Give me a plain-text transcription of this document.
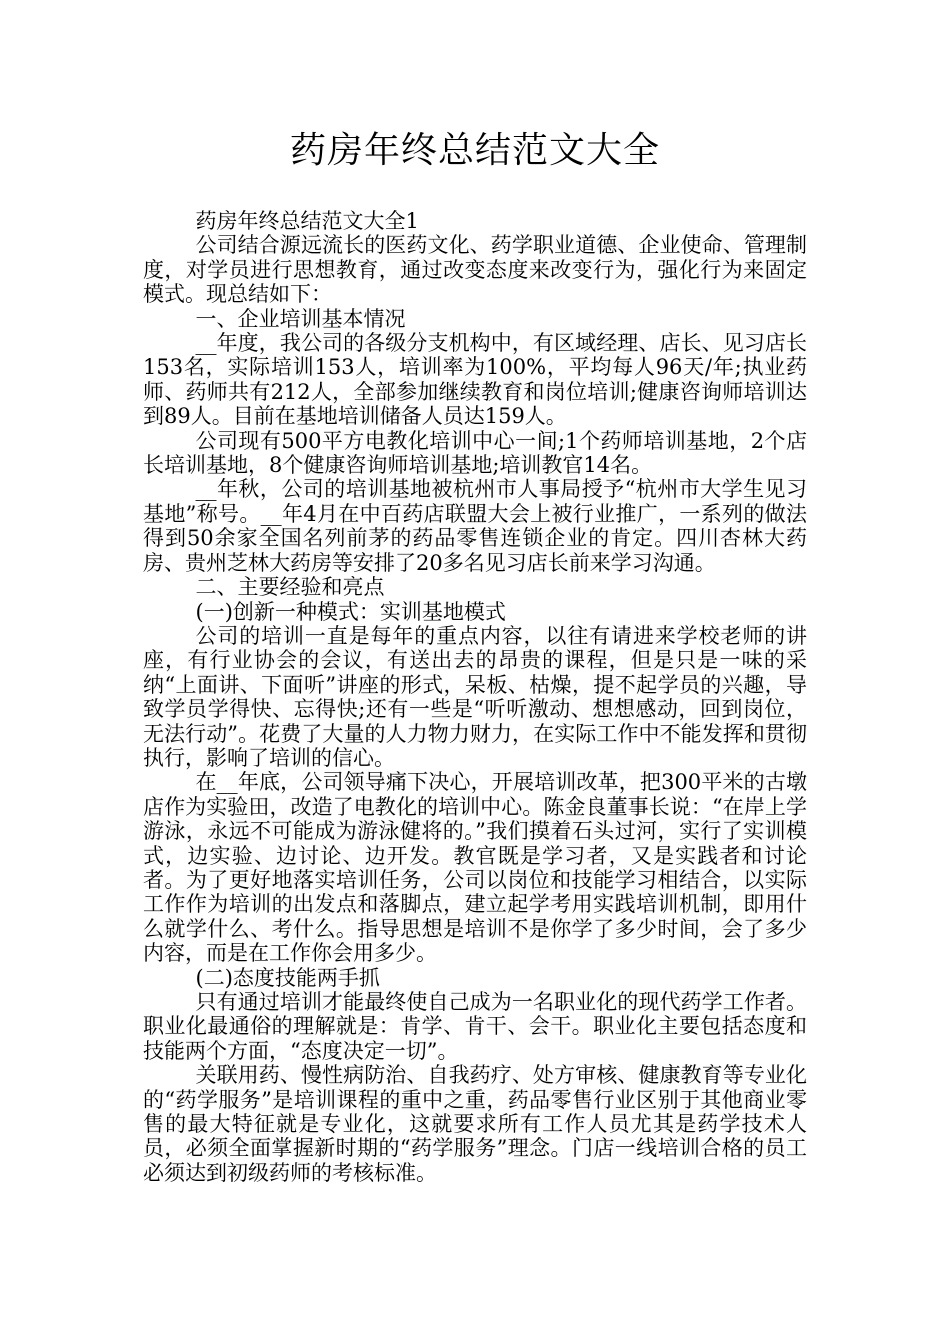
药房年终总结范文大全

药房年终总结范文大全1

公司结合源远流长的医药文化、药学职业道德、企业使命、管理制度，对学员进行思想教育，通过改变态度来改变行为，强化行为来固定模式。现总结如下：

一、企业培训基本情况

__年度，我公司的各级分支机构中，有区域经理、店长、见习店长153名，实际培训153人，培训率为100%，平均每人96天/年;执业药师、药师共有212人，全部参加继续教育和岗位培训;健康咨询师培训达到89人。目前在基地培训储备人员达159人。

公司现有500平方电教化培训中心一间;1个药师培训基地，2个店长培训基地，8个健康咨询师培训基地;培训教官14名。

__年秋，公司的培训基地被杭州市人事局授予“杭州市大学生见习基地”称号。__年4月在中百药店联盟大会上被行业推广，一系列的做法得到50余家全国名列前茅的药品零售连锁企业的肯定。四川杏林大药房、贵州芝林大药房等安排了20多名见习店长前来学习沟通。

二、主要经验和亮点

(一)创新一种模式：实训基地模式

公司的培训一直是每年的重点内容，以往有请进来学校老师的讲座，有行业协会的会议，有送出去的昂贵的课程，但是只是一味的采纳“上面讲、下面听”讲座的形式，呆板、枯燥，提不起学员的兴趣，导致学员学得快、忘得快;还有一些是“听听激动、想想感动，回到岗位，无法行动”。花费了大量的人力物力财力，在实际工作中不能发挥和贯彻执行，影响了培训的信心。

在__年底，公司领导痛下决心，开展培训改革，把300平米的古墩店作为实验田，改造了电教化的培训中心。陈金良董事长说：“在岸上学游泳，永远不可能成为游泳健将的。”我们摸着石头过河，实行了实训模式，边实验、边讨论、边开发。教官既是学习者，又是实践者和讨论者。为了更好地落实培训任务，公司以岗位和技能学习相结合，以实际工作作为培训的出发点和落脚点，建立起学考用实践培训机制，即用什么就学什么、考什么。指导思想是培训不是你学了多少时间，会了多少内容，而是在工作你会用多少。

(二)态度技能两手抓

只有通过培训才能最终使自己成为一名职业化的现代药学工作者。职业化最通俗的理解就是：肯学、肯干、会干。职业化主要包括态度和技能两个方面，“态度决定一切”。

关联用药、慢性病防治、自我药疗、处方审核、健康教育等专业化的“药学服务”是培训课程的重中之重，药品零售行业区别于其他商业零售的最大特征就是专业化，这就要求所有工作人员尤其是药学技术人员，必须全面掌握新时期的“药学服务”理念。门店一线培训合格的员工必须达到初级药师的考核标准。
